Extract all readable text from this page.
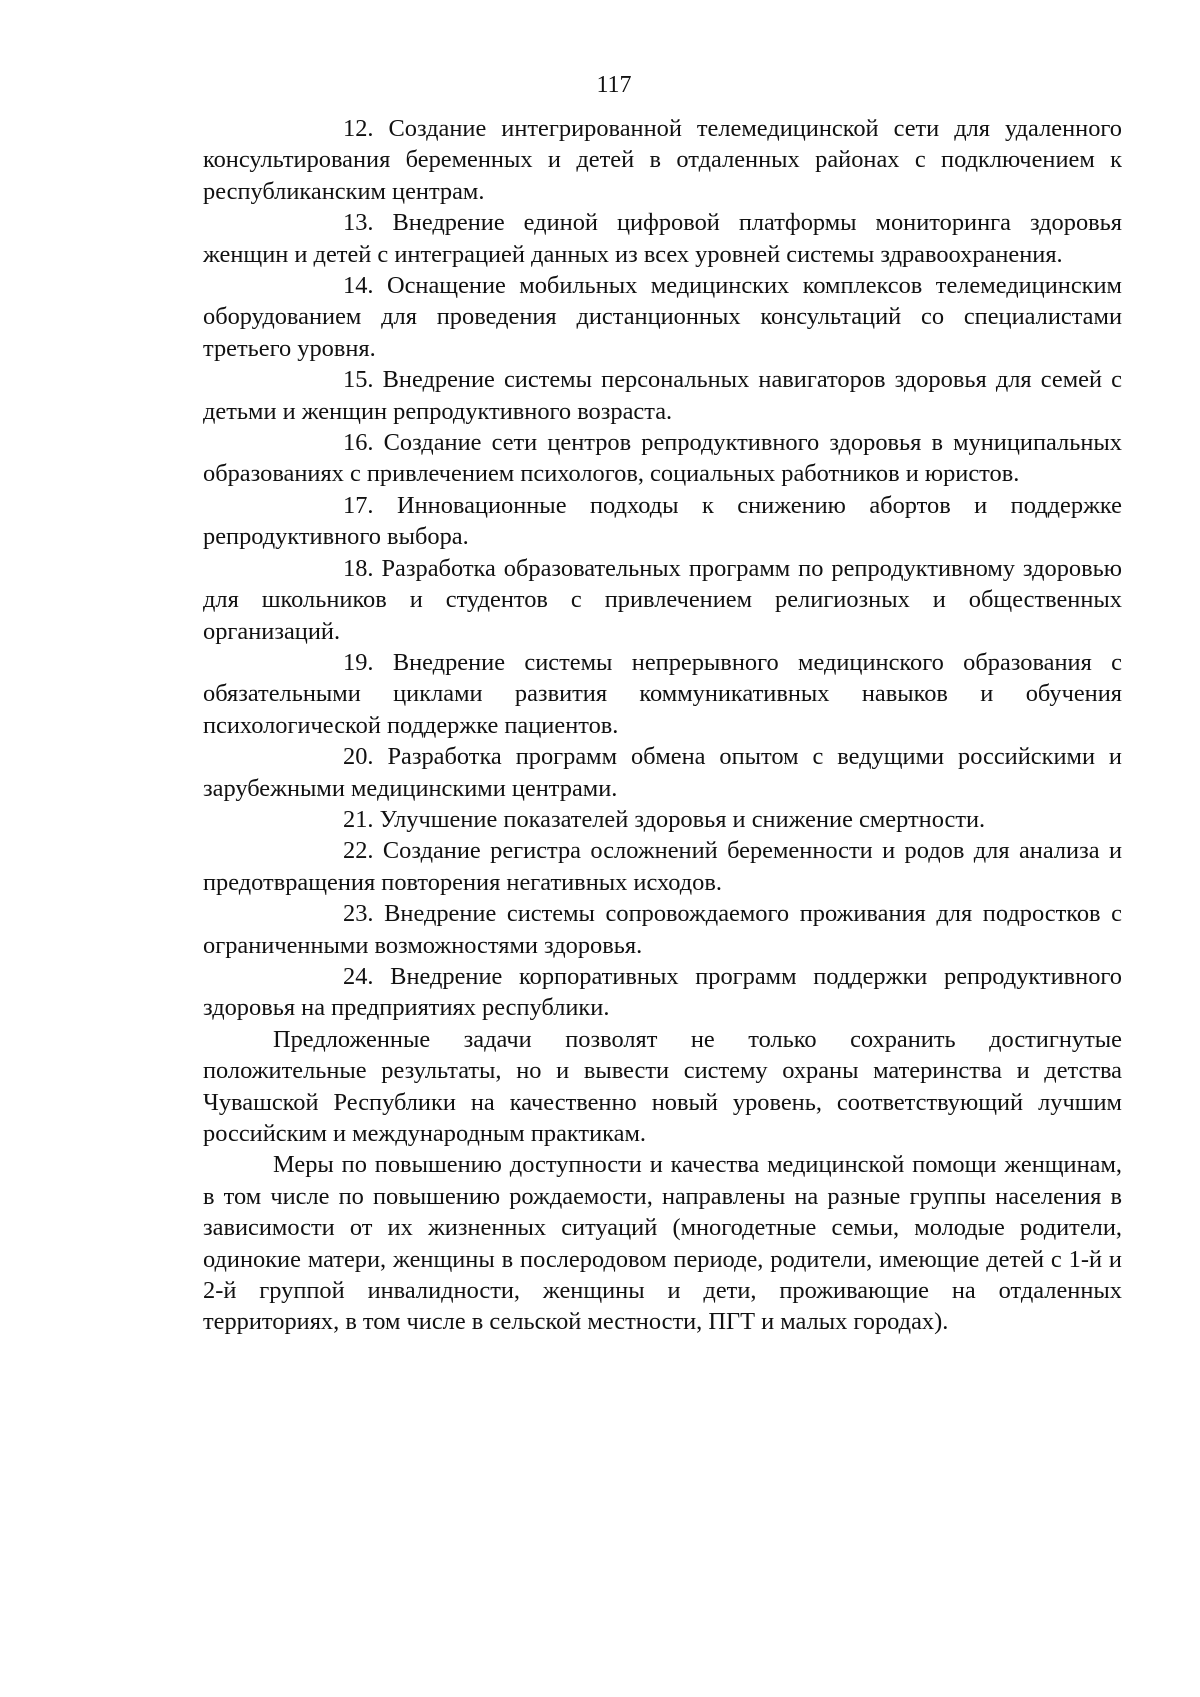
117

12. Создание интегрированной телемедицинской сети для удаленного консультирования беременных и детей в отдаленных районах с подключением к республиканским центрам.

13. Внедрение единой цифровой платформы мониторинга здоровья женщин и детей с интеграцией данных из всех уровней системы здравоохранения.

14. Оснащение мобильных медицинских комплексов телемедицинским оборудованием для проведения дистанционных консультаций со специалистами третьего уровня.

15. Внедрение системы персональных навигаторов здоровья для семей с детьми и женщин репродуктивного возраста.

16. Создание сети центров репродуктивного здоровья в муниципальных образованиях с привлечением психологов, социальных работников и юристов.

17. Инновационные подходы к снижению абортов и поддержке репродуктивного выбора.

18. Разработка образовательных программ по репродуктивному здоровью для школьников и студентов с привлечением религиозных и общественных организаций.

19. Внедрение системы непрерывного медицинского образования с обязательными циклами развития коммуникативных навыков и обучения психологической поддержке пациентов.

20. Разработка программ обмена опытом с ведущими российскими и зарубежными медицинскими центрами.

21. Улучшение показателей здоровья и снижение смертности.

22. Создание регистра осложнений беременности и родов для анализа и предотвращения повторения негативных исходов.

23. Внедрение системы сопровождаемого проживания для подростков с ограниченными возможностями здоровья.

24. Внедрение корпоративных программ поддержки репродуктивного здоровья на предприятиях республики.

Предложенные задачи позволят не только сохранить достигнутые положительные результаты, но и вывести систему охраны материнства и детства Чувашской Республики на качественно новый уровень, соответствующий лучшим российским и международным практикам.

Меры по повышению доступности и качества медицинской помощи женщинам, в том числе по повышению рождаемости, направлены на разные группы населения в зависимости от их жизненных ситуаций (многодетные семьи, молодые родители, одинокие матери, женщины в послеродовом периоде, родители, имеющие детей с 1-й и 2-й группой инвалидности, женщины и дети, проживающие на отдаленных территориях, в том числе в сельской местности, ПГТ и малых городах).
